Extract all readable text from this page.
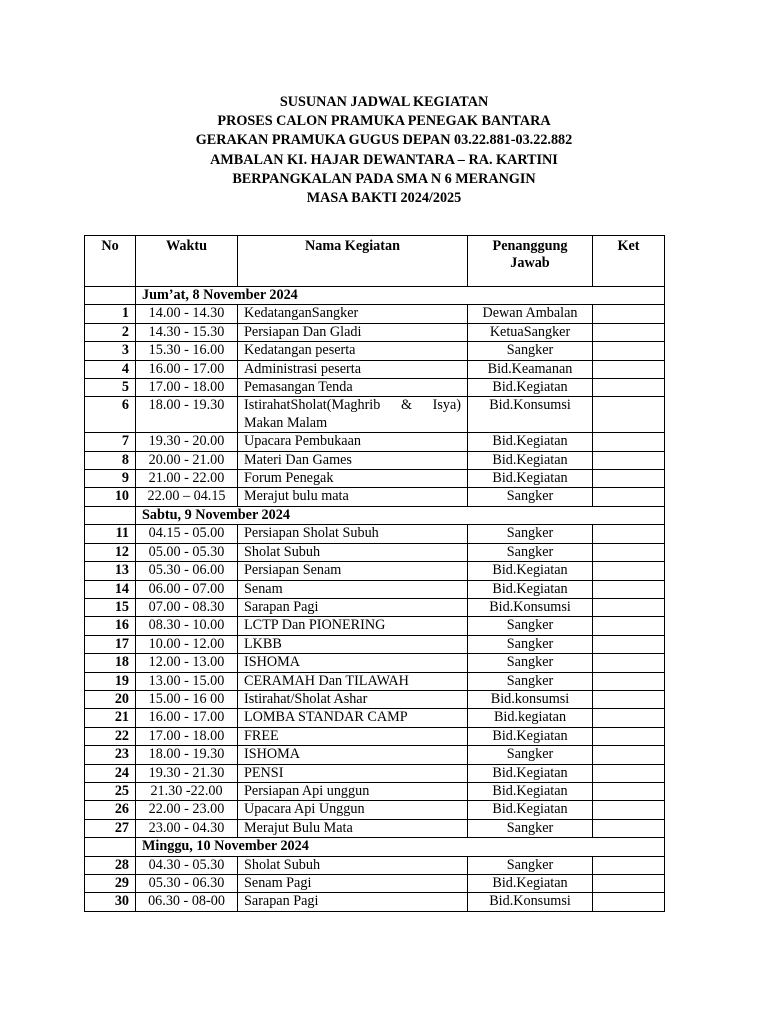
SUSUNAN JADWAL KEGIATAN
PROSES CALON PRAMUKA PENEGAK BANTARA
GERAKAN PRAMUKA GUGUS DEPAN 03.22.881-03.22.882
AMBALAN KI. HAJAR DEWANTARA – RA. KARTINI
BERPANGKALAN PADA SMA N 6 MERANGIN
MASA BAKTI 2024/2025
No	Waktu	Nama Kegiatan	Penanggung Jawab	Ket
	Jum’at, 8 November 2024			
1	14.00 - 14.30	KedatanganSangker	Dewan Ambalan	
2	14.30 - 15.30	Persiapan Dan Gladi	KetuaSangker	
3	15.30 - 16.00	Kedatangan peserta	Sangker	
4	16.00 - 17.00	Administrasi peserta	Bid.Keamanan	
5	17.00 - 18.00	Pemasangan Tenda	Bid.Kegiatan	
6	18.00 - 19.30	IstirahatSholat(Maghrib & Isya) Makan Malam	Bid.Konsumsi	
7	19.30 - 20.00	Upacara Pembukaan	Bid.Kegiatan	
8	20.00 - 21.00	Materi Dan Games	Bid.Kegiatan	
9	21.00 - 22.00	Forum Penegak	Bid.Kegiatan	
10	22.00 – 04.15	Merajut bulu mata	Sangker	
	Sabtu, 9 November 2024			
11	04.15 - 05.00	Persiapan Sholat Subuh	Sangker	
12	05.00 - 05.30	Sholat Subuh	Sangker	
13	05.30 - 06.00	Persiapan Senam	Bid.Kegiatan	
14	06.00 - 07.00	Senam	Bid.Kegiatan	
15	07.00 - 08.30	Sarapan Pagi	Bid.Konsumsi	
16	08.30 - 10.00	LCTP Dan PIONERING	Sangker	
17	10.00 - 12.00	LKBB	Sangker	
18	12.00 - 13.00	ISHOMA	Sangker	
19	13.00 - 15.00	CERAMAH Dan TILAWAH	Sangker	
20	15.00 - 16 00	Istirahat/Sholat Ashar	Bid.konsumsi	
21	16.00 - 17.00	LOMBA STANDAR CAMP	Bid.kegiatan	
22	17.00 - 18.00	FREE	Bid.Kegiatan	
23	18.00 - 19.30	ISHOMA	Sangker	
24	19.30 - 21.30	PENSI	Bid.Kegiatan	
25	21.30 -22.00	Persiapan Api unggun	Bid.Kegiatan	
26	22.00 - 23.00	Upacara Api Unggun	Bid.Kegiatan	
27	23.00 - 04.30	Merajut Bulu Mata	Sangker	
	Minggu, 10 November 2024			
28	04.30 - 05.30	Sholat Subuh	Sangker	
29	05.30 - 06.30	Senam Pagi	Bid.Kegiatan	
30	06.30 - 08-00	Sarapan Pagi	Bid.Konsumsi	
